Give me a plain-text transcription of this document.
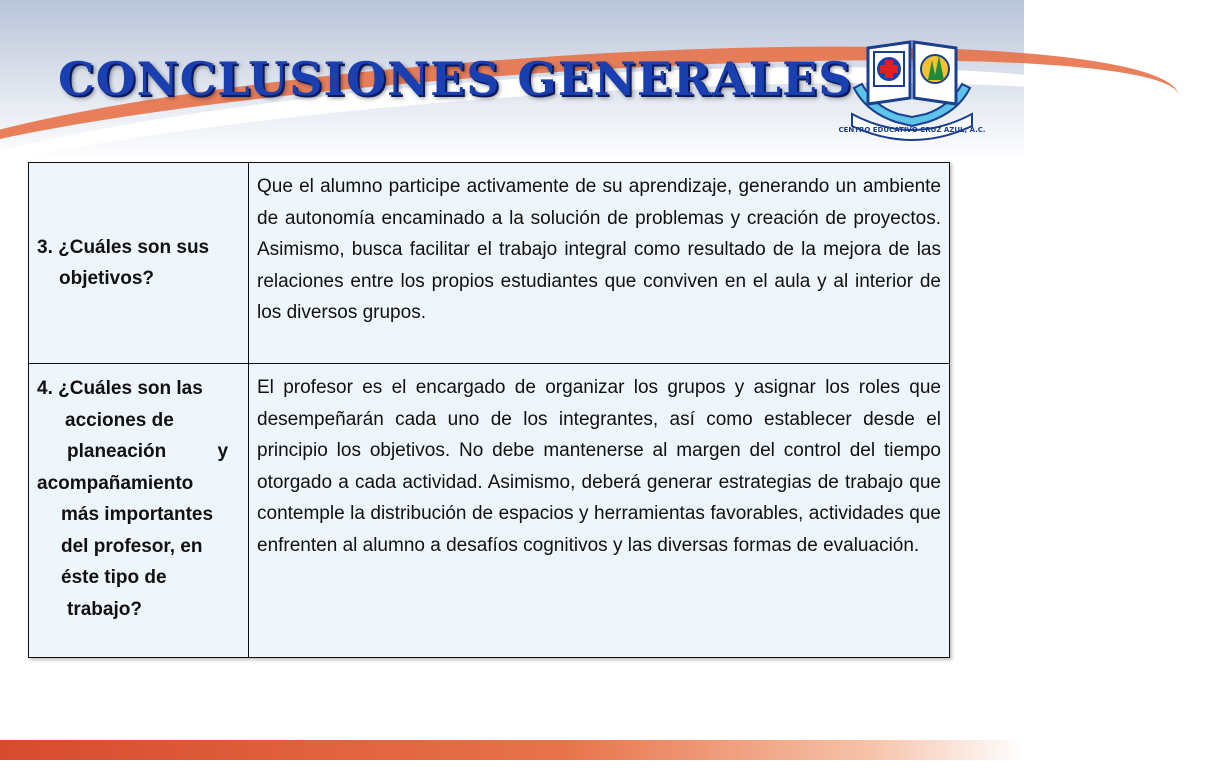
CONCLUSIONES GENERALES
CENTRO EDUCATIVO CRUZ AZUL, A.C.
3. ¿Cuáles son sus
objetivos?
Que el alumno participe activamente de su aprendizaje, generando un ambiente de autonomía encaminado a la solución de problemas y creación de proyectos. Asimismo, busca facilitar el trabajo integral como resultado de la mejora de las relaciones entre los propios estudiantes que conviven en el aula y al interior de los diversos grupos.
4. ¿Cuáles son las
acciones de
planeación y
acompañamiento
más importantes
del profesor, en
éste tipo de
trabajo?
El profesor es el encargado de organizar los grupos y asignar los roles que desempeñarán cada uno de los integrantes, así como establecer desde el principio los objetivos. No debe mantenerse al margen del control del tiempo otorgado a cada actividad. Asimismo, deberá generar estrategias de trabajo que contemple la distribución de espacios y herramientas favorables, actividades que enfrenten al alumno a desafíos cognitivos y las diversas formas de evaluación.
